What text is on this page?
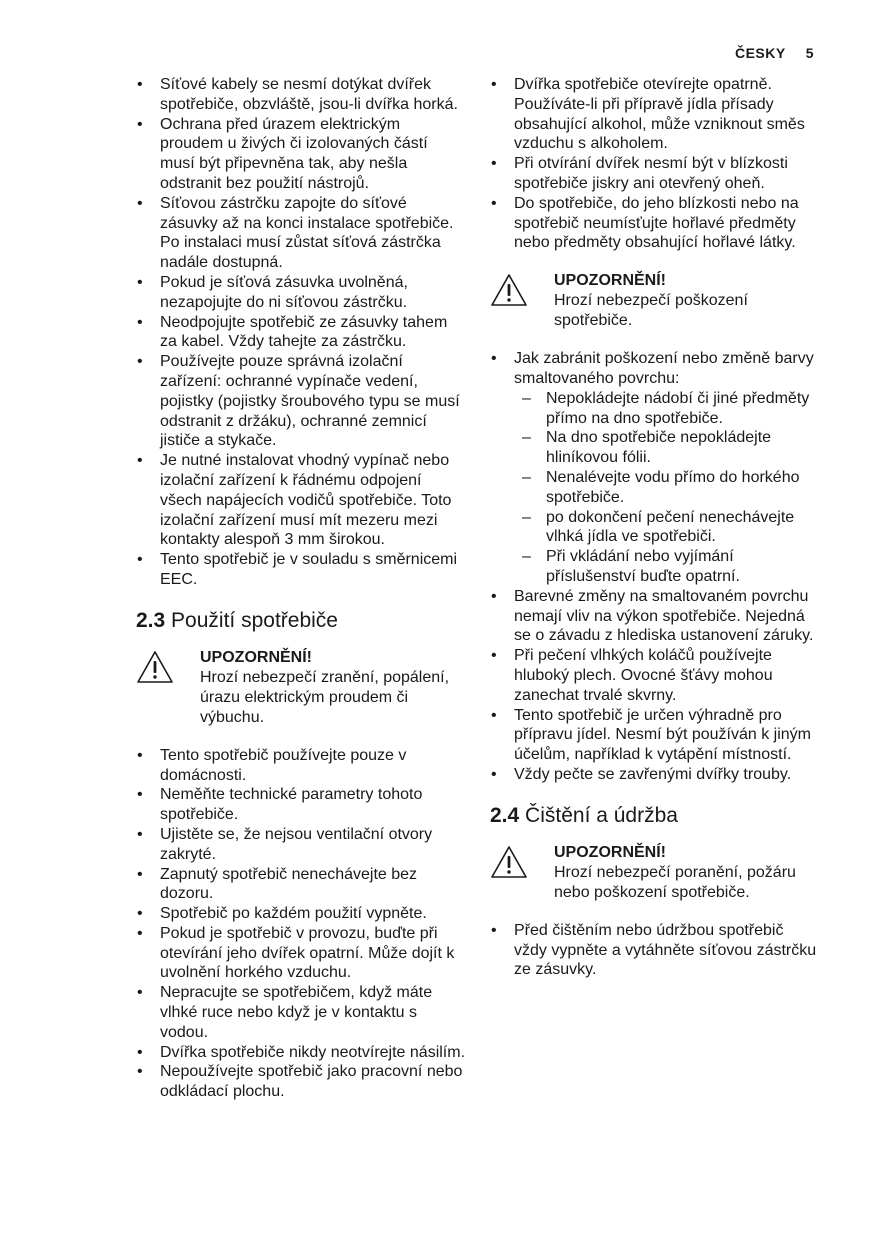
ČESKY 5
• Síťové kabely se nesmí dotýkat dvířek spotřebiče, obzvláště, jsou-li dvířka horká.
• Ochrana před úrazem elektrickým proudem u živých či izolovaných částí musí být připevněna tak, aby nešla odstranit bez použití nástrojů.
• Síťovou zástrčku zapojte do síťové zásuvky až na konci instalace spotřebiče. Po instalaci musí zůstat síťová zástrčka nadále dostupná.
• Pokud je síťová zásuvka uvolněná, nezapojujte do ni síťovou zástrčku.
• Neodpojujte spotřebič ze zásuvky tahem za kabel. Vždy tahejte za zástrčku.
• Používejte pouze správná izolační zařízení: ochranné vypínače vedení, pojistky (pojistky šroubového typu se musí odstranit z držáku), ochranné zemnicí jističe a stykače.
• Je nutné instalovat vhodný vypínač nebo izolační zařízení k řádnému odpojení všech napájecích vodičů spotřebiče. Toto izolační zařízení musí mít mezeru mezi kontakty alespoň 3 mm širokou.
• Tento spotřebič je v souladu s směrnicemi EEC.
2.3 Použití spotřebiče
UPOZORNĚNÍ!
Hrozí nebezpečí zranění, popálení, úrazu elektrickým proudem či výbuchu.
• Tento spotřebič používejte pouze v domácnosti.
• Neměňte technické parametry tohoto spotřebiče.
• Ujistěte se, že nejsou ventilační otvory zakryté.
• Zapnutý spotřebič nenechávejte bez dozoru.
• Spotřebič po každém použití vypněte.
• Pokud je spotřebič v provozu, buďte při otevírání jeho dvířek opatrní. Může dojít k uvolnění horkého vzduchu.
• Nepracujte se spotřebičem, když máte vlhké ruce nebo když je v kontaktu s vodou.
• Dvířka spotřebiče nikdy neotvírejte násilím.
• Nepoužívejte spotřebič jako pracovní nebo odkládací plochu.
• Dvířka spotřebiče otevírejte opatrně. Používáte-li při přípravě jídla přísady obsahující alkohol, může vzniknout směs vzduchu s alkoholem.
• Při otvírání dvířek nesmí být v blízkosti spotřebiče jiskry ani otevřený oheň.
• Do spotřebiče, do jeho blízkosti nebo na spotřebič neumísťujte hořlavé předměty nebo předměty obsahující hořlavé látky.
UPOZORNĚNÍ!
Hrozí nebezpečí poškození spotřebiče.
• Jak zabránit poškození nebo změně barvy smaltovaného povrchu:
– Nepokládejte nádobí či jiné předměty přímo na dno spotřebiče.
– Na dno spotřebiče nepokládejte hliníkovou fólii.
– Nenalévejte vodu přímo do horkého spotřebiče.
– po dokončení pečení nenechávejte vlhká jídla ve spotřebiči.
– Při vkládání nebo vyjímání příslušenství buďte opatrní.
• Barevné změny na smaltovaném povrchu nemají vliv na výkon spotřebiče. Nejedná se o závadu z hlediska ustanovení záruky.
• Při pečení vlhkých koláčů používejte hluboký plech. Ovocné šťávy mohou zanechat trvalé skvrny.
• Tento spotřebič je určen výhradně pro přípravu jídel. Nesmí být používán k jiným účelům, například k vytápění místností.
• Vždy pečte se zavřenými dvířky trouby.
2.4 Čištění a údržba
UPOZORNĚNÍ!
Hrozí nebezpečí poranění, požáru nebo poškození spotřebiče.
• Před čištěním nebo údržbou spotřebič vždy vypněte a vytáhněte síťovou zástrčku ze zásuvky.
